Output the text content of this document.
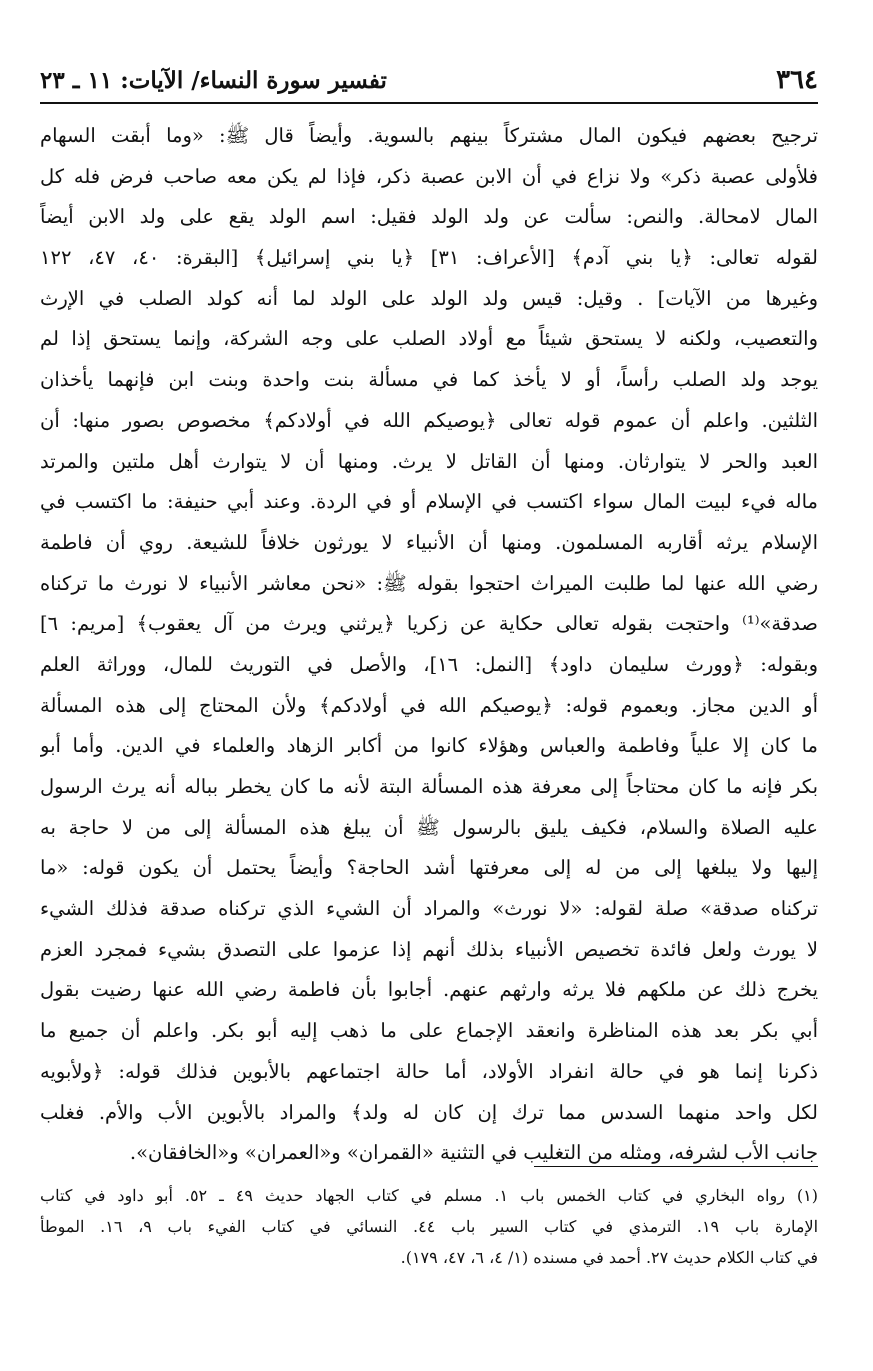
٣٦٤
تفسير سورة النساء/ الآيات: ١١ ـ ٢٣
ترجيح بعضهم فيكون المال مشتركاً بينهم بالسوية. وأيضاً قال ﷺ: «وما أبقت السهام
فلأولى عصبة ذكر» ولا نزاع في أن الابن عصبة ذكر، فإذا لم يكن معه صاحب فرض فله كل
المال لامحالة. والنص: سألت عن ولد الولد فقيل: اسم الولد يقع على ولد الابن أيضاً
لقوله تعالى: ﴿يا بني آدم﴾ [الأعراف: ٣١] ﴿يا بني إسرائيل﴾ [البقرة: ٤٠، ٤٧، ١٢٢
وغيرها من الآيات] . وقيل: قيس ولد الولد على الولد لما أنه كولد الصلب في الإرث
والتعصيب، ولكنه لا يستحق شيئاً مع أولاد الصلب على وجه الشركة، وإنما يستحق إذا لم
يوجد ولد الصلب رأساً، أو لا يأخذ كما في مسألة بنت واحدة وبنت ابن فإنهما يأخذان
الثلثين. واعلم أن عموم قوله تعالى ﴿يوصيكم الله في أولادكم﴾ مخصوص بصور منها: أن
العبد والحر لا يتوارثان. ومنها أن القاتل لا يرث. ومنها أن لا يتوارث أهل ملتين والمرتد
ماله فيء لبيت المال سواء اكتسب في الإسلام أو في الردة. وعند أبي حنيفة: ما اكتسب في
الإسلام يرثه أقاربه المسلمون. ومنها أن الأنبياء لا يورثون خلافاً للشيعة. روي أن فاطمة
رضي الله عنها لما طلبت الميراث احتجوا بقوله ﷺ: «نحن معاشر الأنبياء لا نورث ما تركناه
صدقة»⁽¹⁾ واحتجت بقوله تعالى حكاية عن زكريا ﴿يرثني ويرث من آل يعقوب﴾ [مريم: ٦]
وبقوله: ﴿وورث سليمان داود﴾ [النمل: ١٦]، والأصل في التوريث للمال، ووراثة العلم
أو الدين مجاز. وبعموم قوله: ﴿يوصيكم الله في أولادكم﴾ ولأن المحتاج إلى هذه المسألة
ما كان إلا علياً وفاطمة والعباس وهؤلاء كانوا من أكابر الزهاد والعلماء في الدين. وأما أبو
بكر فإنه ما كان محتاجاً إلى معرفة هذه المسألة البتة لأنه ما كان يخطر بباله أنه يرث الرسول
عليه الصلاة والسلام، فكيف يليق بالرسول ﷺ أن يبلغ هذه المسألة إلى من لا حاجة به
إليها ولا يبلغها إلى من له إلى معرفتها أشد الحاجة؟ وأيضاً يحتمل أن يكون قوله: «ما
تركناه صدقة» صلة لقوله: «لا نورث» والمراد أن الشيء الذي تركناه صدقة فذلك الشيء
لا يورث ولعل فائدة تخصيص الأنبياء بذلك أنهم إذا عزموا على التصدق بشيء فمجرد العزم
يخرج ذلك عن ملكهم فلا يرثه وارثهم عنهم. أجابوا بأن فاطمة رضي الله عنها رضيت بقول
أبي بكر بعد هذه المناظرة وانعقد الإجماع على ما ذهب إليه أبو بكر. واعلم أن جميع ما
ذكرنا إنما هو في حالة انفراد الأولاد، أما حالة اجتماعهم بالأبوين فذلك قوله: ﴿ولأبويه
لكل واحد منهما السدس مما ترك إن كان له ولد﴾ والمراد بالأبوين الأب والأم. فغلب
جانب الأب لشرفه، ومثله من التغليب في التثنية «القمران» و«العمران» و«الخافقان».
(١) رواه البخاري في كتاب الخمس باب ١. مسلم في كتاب الجهاد حديث ٤٩ ـ ٥٢. أبو داود في كتاب
الإمارة باب ١٩. الترمذي في كتاب السير باب ٤٤. النسائي في كتاب الفيء باب ٩، ١٦. الموطأ
في كتاب الكلام حديث ٢٧. أحمد في مسنده (١/ ٤، ٦، ٤٧، ١٧٩).
